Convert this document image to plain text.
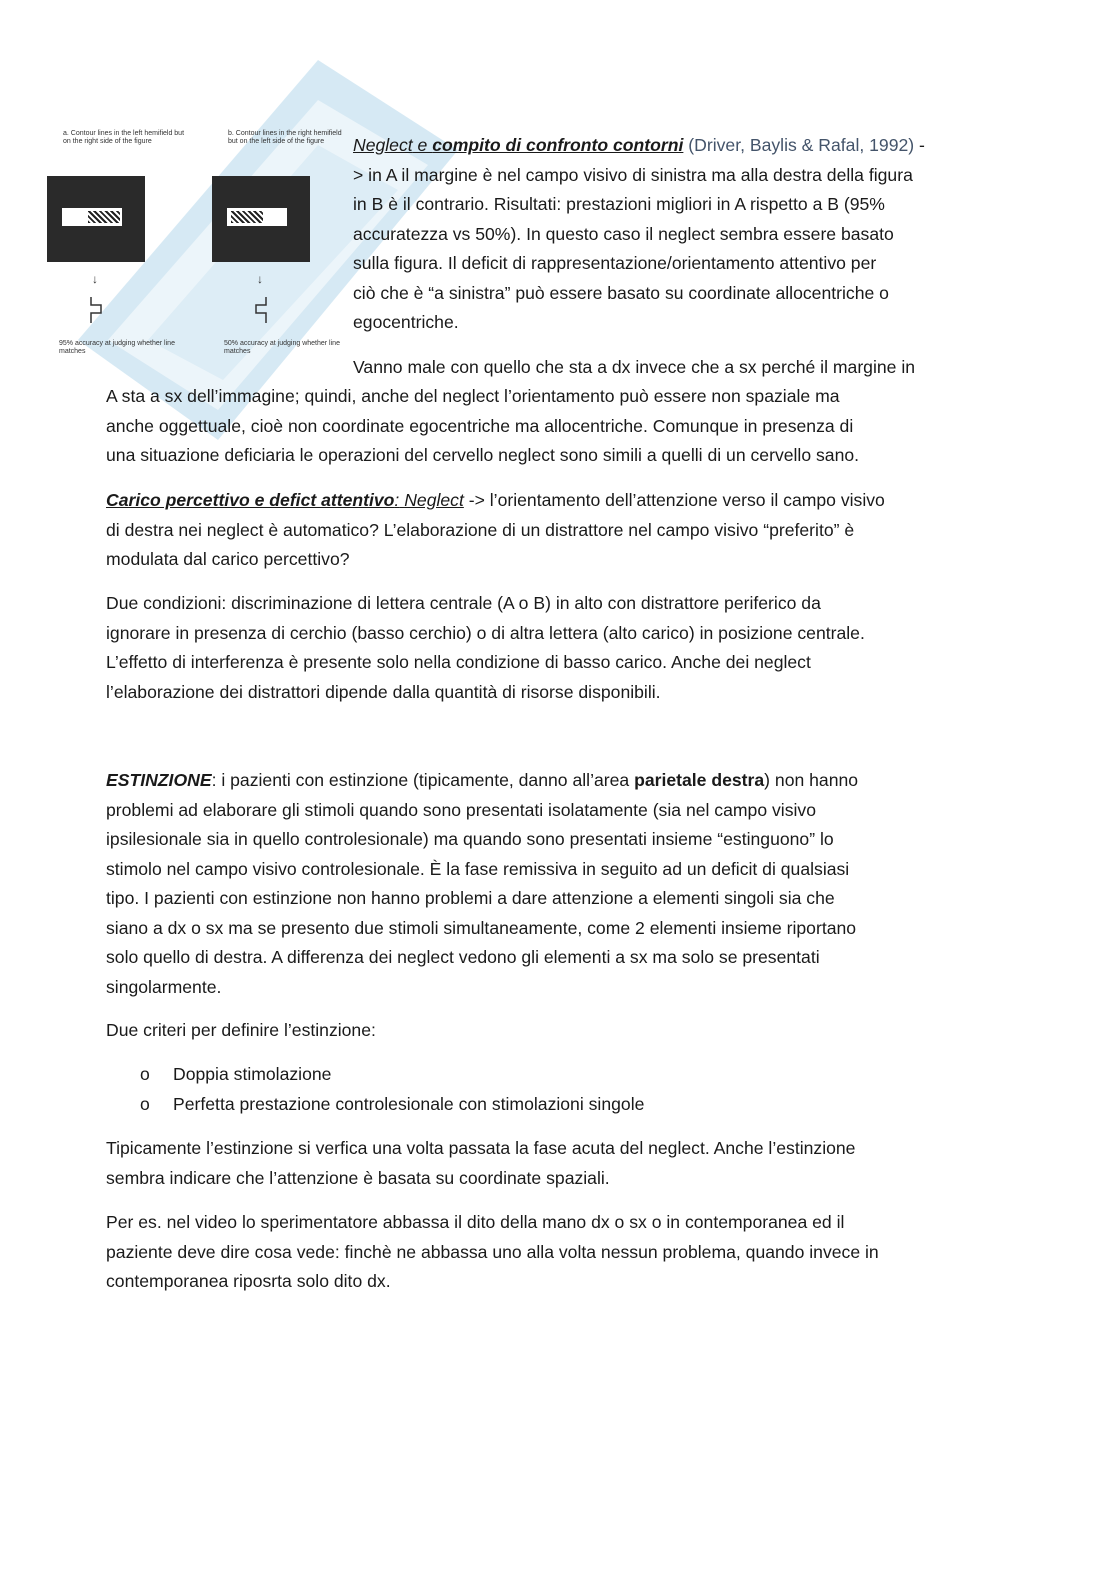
a. Contour lines in the left hemifield but on the right side of the figure
↓
95% accuracy at judging whether line matches
b. Contour lines in the right hemifield but on the left side of the figure
↓
50% accuracy at judging whether line matches
Neglect e compito di confronto contorni (Driver, Baylis & Rafal, 1992) -
> in A il margine è nel campo visivo di sinistra ma alla destra della figura
in B è il contrario. Risultati: prestazioni migliori in A rispetto a B (95%
accuratezza vs 50%). In questo caso il neglect sembra essere basato
sulla figura. Il deficit di rappresentazione/orientamento attentivo per
ciò che è “a sinistra” può essere basato su coordinate allocentriche o
egocentriche.
Vanno male con quello che sta a dx invece che a sx perché il margine in
A sta a sx dell’immagine; quindi, anche del neglect l’orientamento può essere non spaziale ma
anche oggettuale, cioè non coordinate egocentriche ma allocentriche. Comunque in presenza di
una situazione deficiaria le operazioni del cervello neglect sono simili a quelli di un cervello sano.
Carico percettivo e defict attentivo: Neglect -> l’orientamento dell’attenzione verso il campo visivo
di destra nei neglect è automatico? L’elaborazione di un distrattore nel campo visivo “preferito” è
modulata dal carico percettivo?
Due condizioni: discriminazione di lettera centrale (A o B) in alto con distrattore periferico da
ignorare in presenza di cerchio (basso cerchio) o di altra lettera (alto carico) in posizione centrale.
L’effetto di interferenza è presente solo nella condizione di basso carico. Anche dei neglect
l’elaborazione dei distrattori dipende dalla quantità di risorse disponibili.
ESTINZIONE: i pazienti con estinzione (tipicamente, danno all’area parietale destra) non hanno
problemi ad elaborare gli stimoli quando sono presentati isolatamente (sia nel campo visivo
ipsilesionale sia in quello controlesionale) ma quando sono presentati insieme “estinguono” lo
stimolo nel campo visivo controlesionale. È la fase remissiva in seguito ad un deficit di qualsiasi
tipo. I pazienti con estinzione non hanno problemi a dare attenzione a elementi singoli sia che
siano a dx o sx ma se presento due stimoli simultaneamente, come 2 elementi insieme riportano
solo quello di destra. A differenza dei neglect vedono gli elementi a sx ma solo se presentati
singolarmente.
Due criteri per definire l’estinzione:
o Doppia stimolazione
o Perfetta prestazione controlesionale con stimolazioni singole
Tipicamente l’estinzione si verfica una volta passata la fase acuta del neglect. Anche l’estinzione
sembra indicare che l’attenzione è basata su coordinate spaziali.
Per es. nel video lo sperimentatore abbassa il dito della mano dx o sx o in contemporanea ed il
paziente deve dire cosa vede: finchè ne abbassa uno alla volta nessun problema, quando invece in
contemporanea riposrta solo dito dx.
